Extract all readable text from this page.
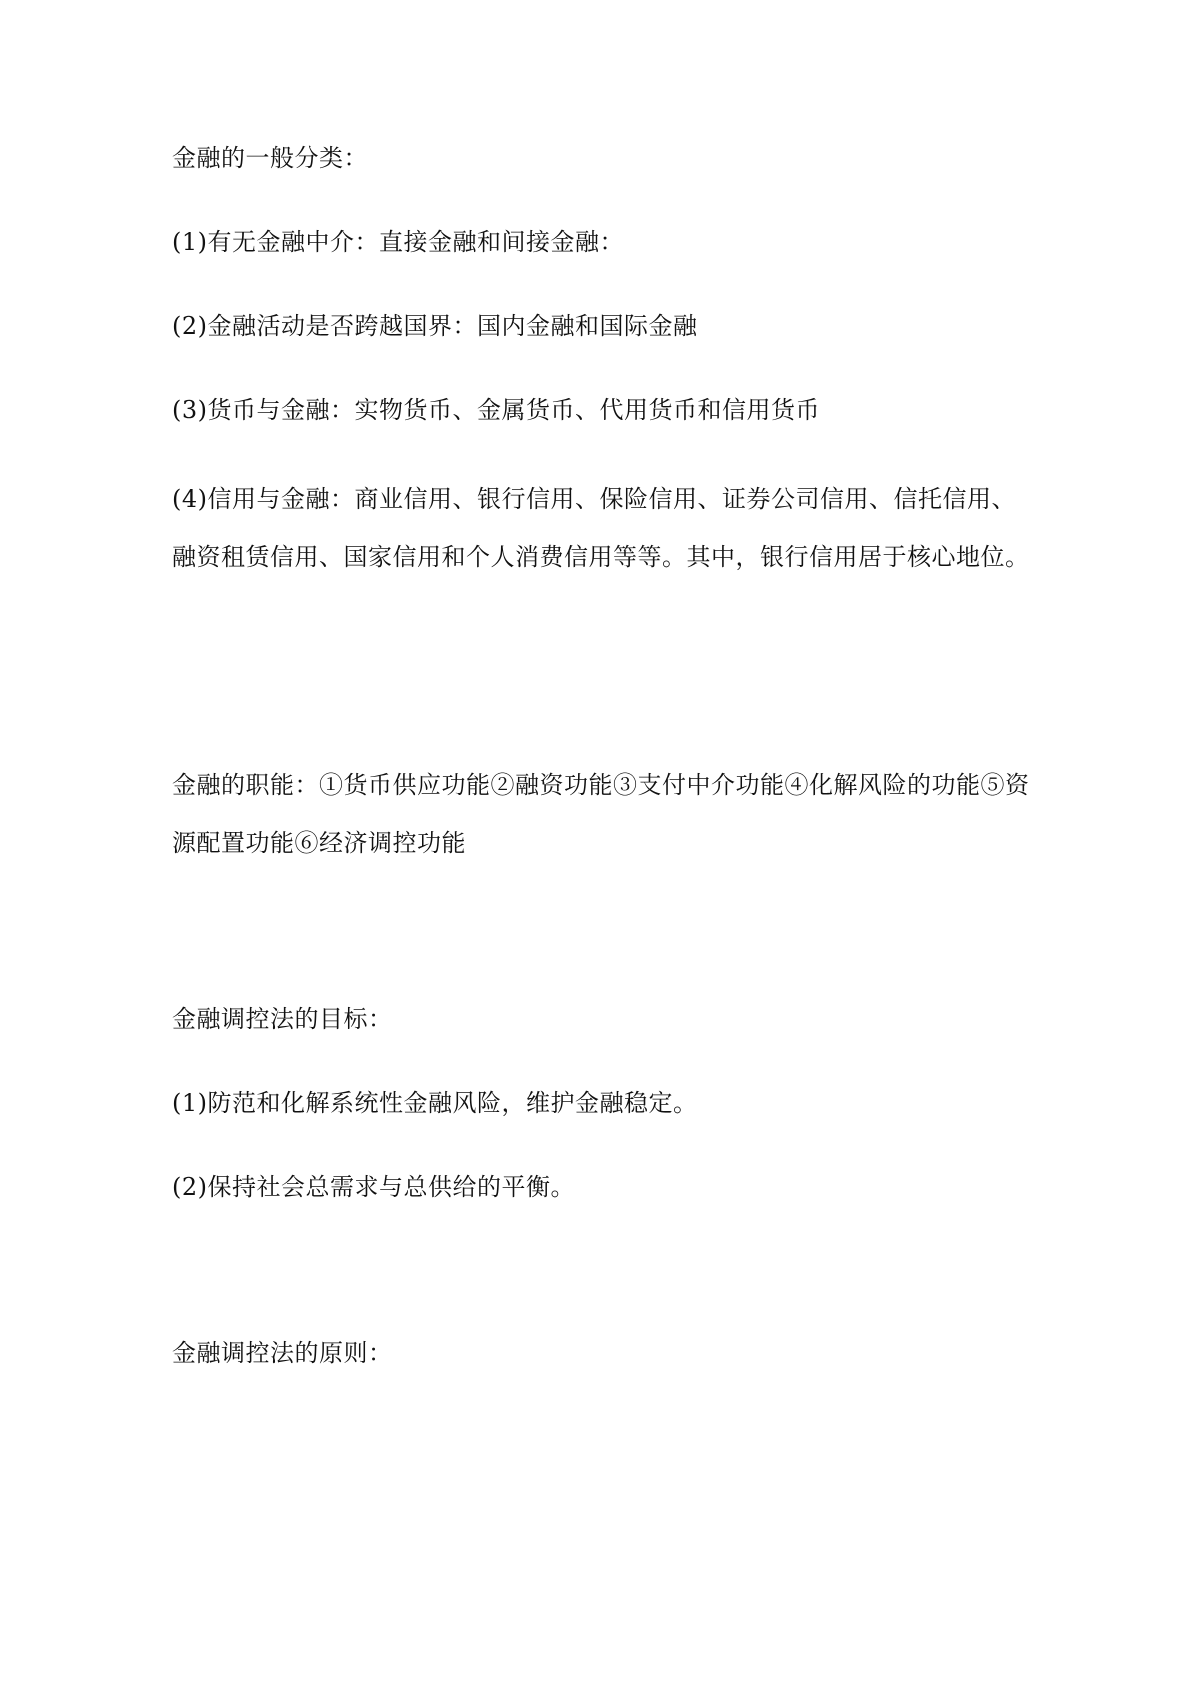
金融的一般分类：
(1)有无金融中介：直接金融和间接金融：
(2)金融活动是否跨越国界：国内金融和国际金融
(3)货币与金融：实物货币、金属货币、代用货币和信用货币
(4)信用与金融：商业信用、银行信用、保险信用、证券公司信用、信托信用、融资租赁信用、国家信用和个人消费信用等等。其中，银行信用居于核心地位。
金融的职能：①货币供应功能②融资功能③支付中介功能④化解风险的功能⑤资源配置功能⑥经济调控功能
金融调控法的目标：
(1)防范和化解系统性金融风险，维护金融稳定。
(2)保持社会总需求与总供给的平衡。
金融调控法的原则：
